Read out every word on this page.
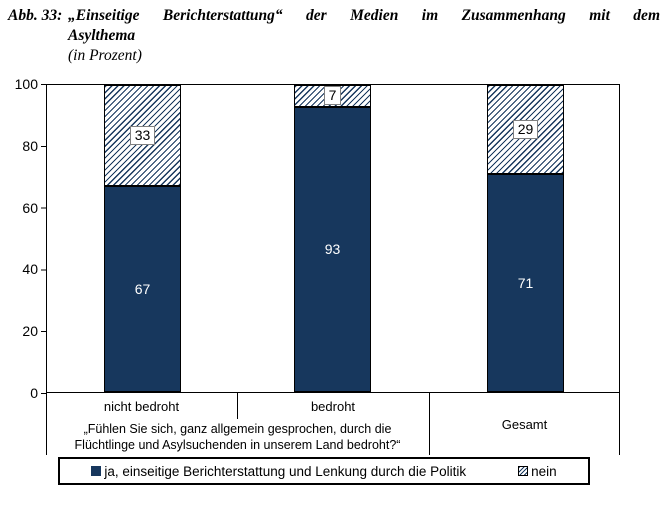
Abb. 33: „Einseitige Berichterstattung“ der Medien im Zusammenhang mit dem
Asylthema
(in Prozent)
100
80
60
40
20
0
67
33
93
7
71
29
nicht bedroht	bedroht
Gesamt
„Fühlen Sie sich, ganz allgemein gesprochen, durch die
Flüchtlinge und Asylsuchenden in unserem Land bedroht?“
ja, einseitige Berichterstattung und Lenkung durch die Politik	nein
